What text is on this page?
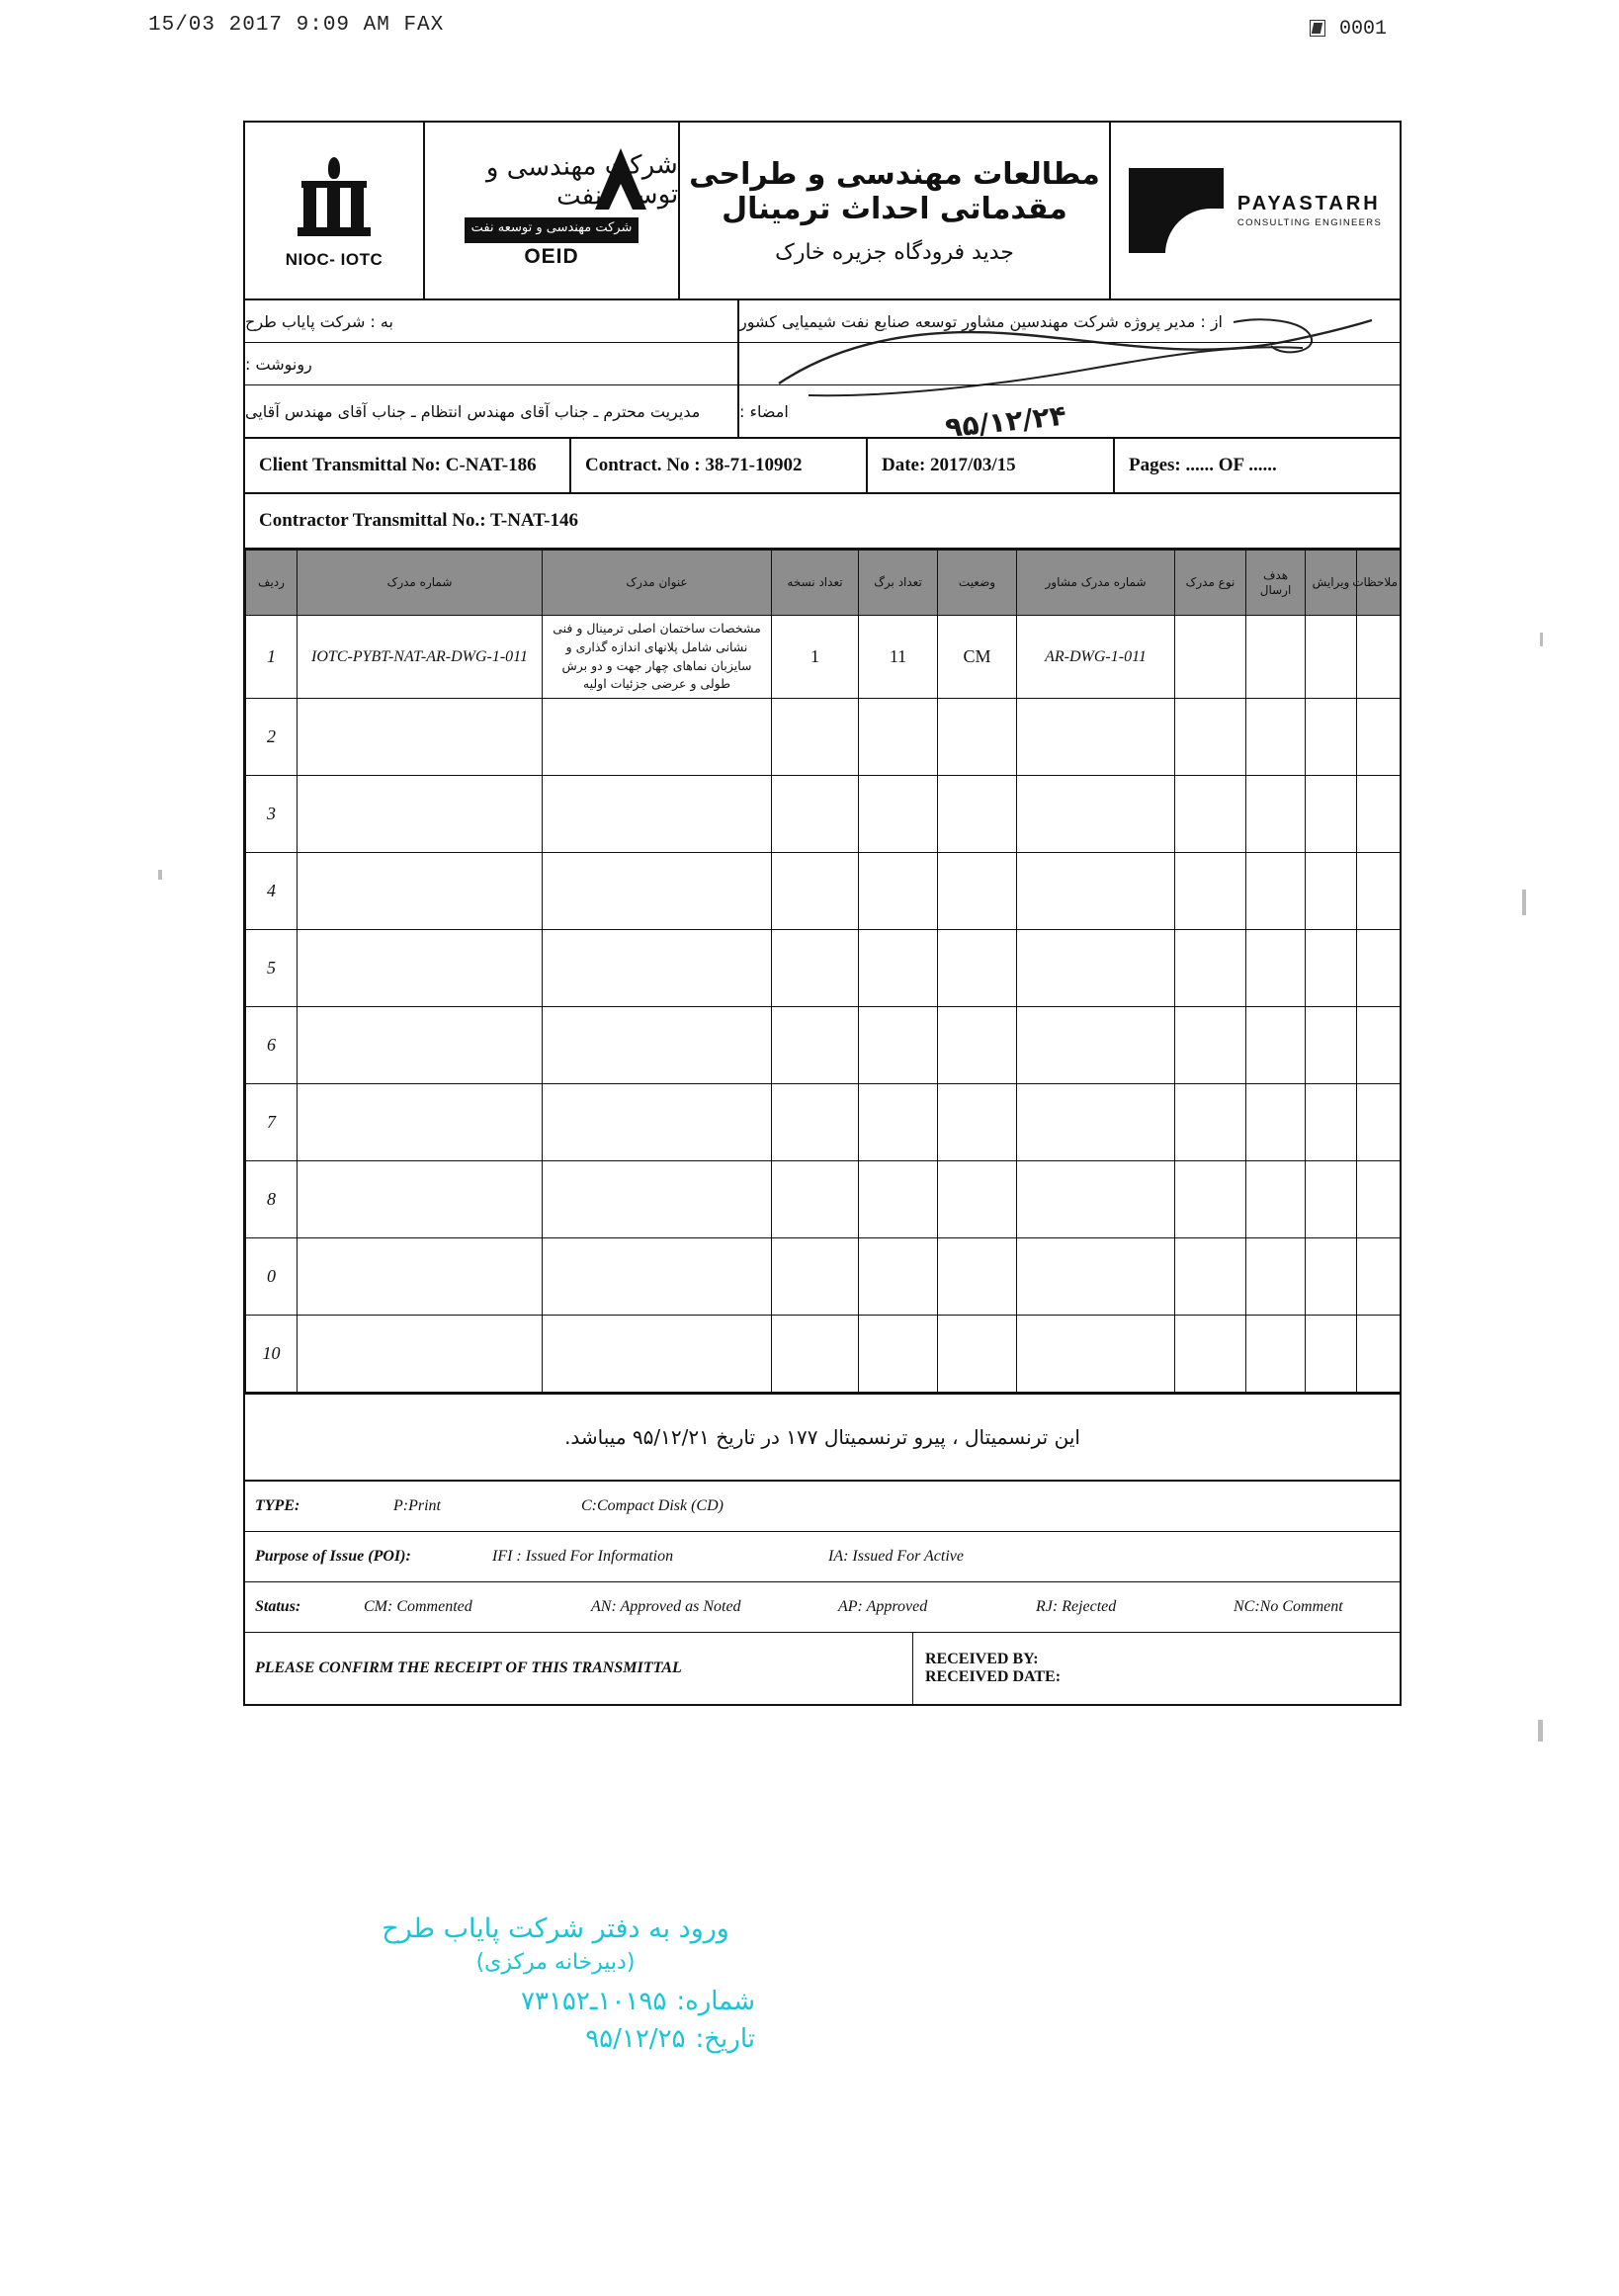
15/03 2017 9:09 AM FAX	0001
NIOC- IOTC
شرکت مهندسی و توسعه نفت
شرکت مهندسی و توسعه نفت
OEID
مطالعات مهندسی و طراحی مقدماتی احداث ترمینال
جدید فرودگاه جزیره خارک
PAYASTARH
CONSULTING ENGINEERS
به : شرکت پایاب طرح
رونوشت :
مدیریت محترم ـ جناب آقای مهندس انتظام ـ جناب آقای مهندس آقایی
از : مدیر پروژه شرکت مهندسین مشاور توسعه صنایع نفت شیمیایی کشور
امضاء :
Client Transmittal No: C-NAT-186	Contract. No : 38-71-10902
۹۵/۱۲/۲۴
Date: 2017/03/15	Pages: ...... OF ......
Contractor Transmittal No.: T-NAT-146
ردیف	شماره مدرک	عنوان مدرک	تعداد نسخه	تعداد برگ	وضعیت	شماره مدرک مشاور	نوع مدرک	هدف ارسال	ویرایش	ملاحظات
1	IOTC-PYBT-NAT-AR-DWG-1-011	مشخصات ساختمان اصلی ترمینال و فنی نشانی شامل پلانهای اندازه گذاری و سایزبان نماهای چهار جهت و دو برش طولی و عرضی جزئیات اولیه	1	11	CM	AR-DWG-1-011				
2										
3										
4										
5										
6										
7										
8										
0										
10										
این ترنسمیتال ، پیرو ترنسمیتال ۱۷۷ در تاریخ ۹۵/۱۲/۲۱ میباشد.
TYPE:	P:Print	C:Compact Disk (CD)
Purpose of Issue (POI):	IFI : Issued For Information	IA: Issued For Active
Status:	CM: Commented	AN: Approved as Noted	AP: Approved	RJ: Rejected	NC:No Comment
PLEASE CONFIRM THE RECEIPT OF THIS TRANSMITTAL
RECEIVED BY:
RECEIVED DATE:
ورود به دفتر شرکت پایاب طرح
(دبیرخانه مرکزی)
شماره:
۱۰۱۹۵ـ۷۳۱۵۲
تاریخ:
۹۵/۱۲/۲۵
